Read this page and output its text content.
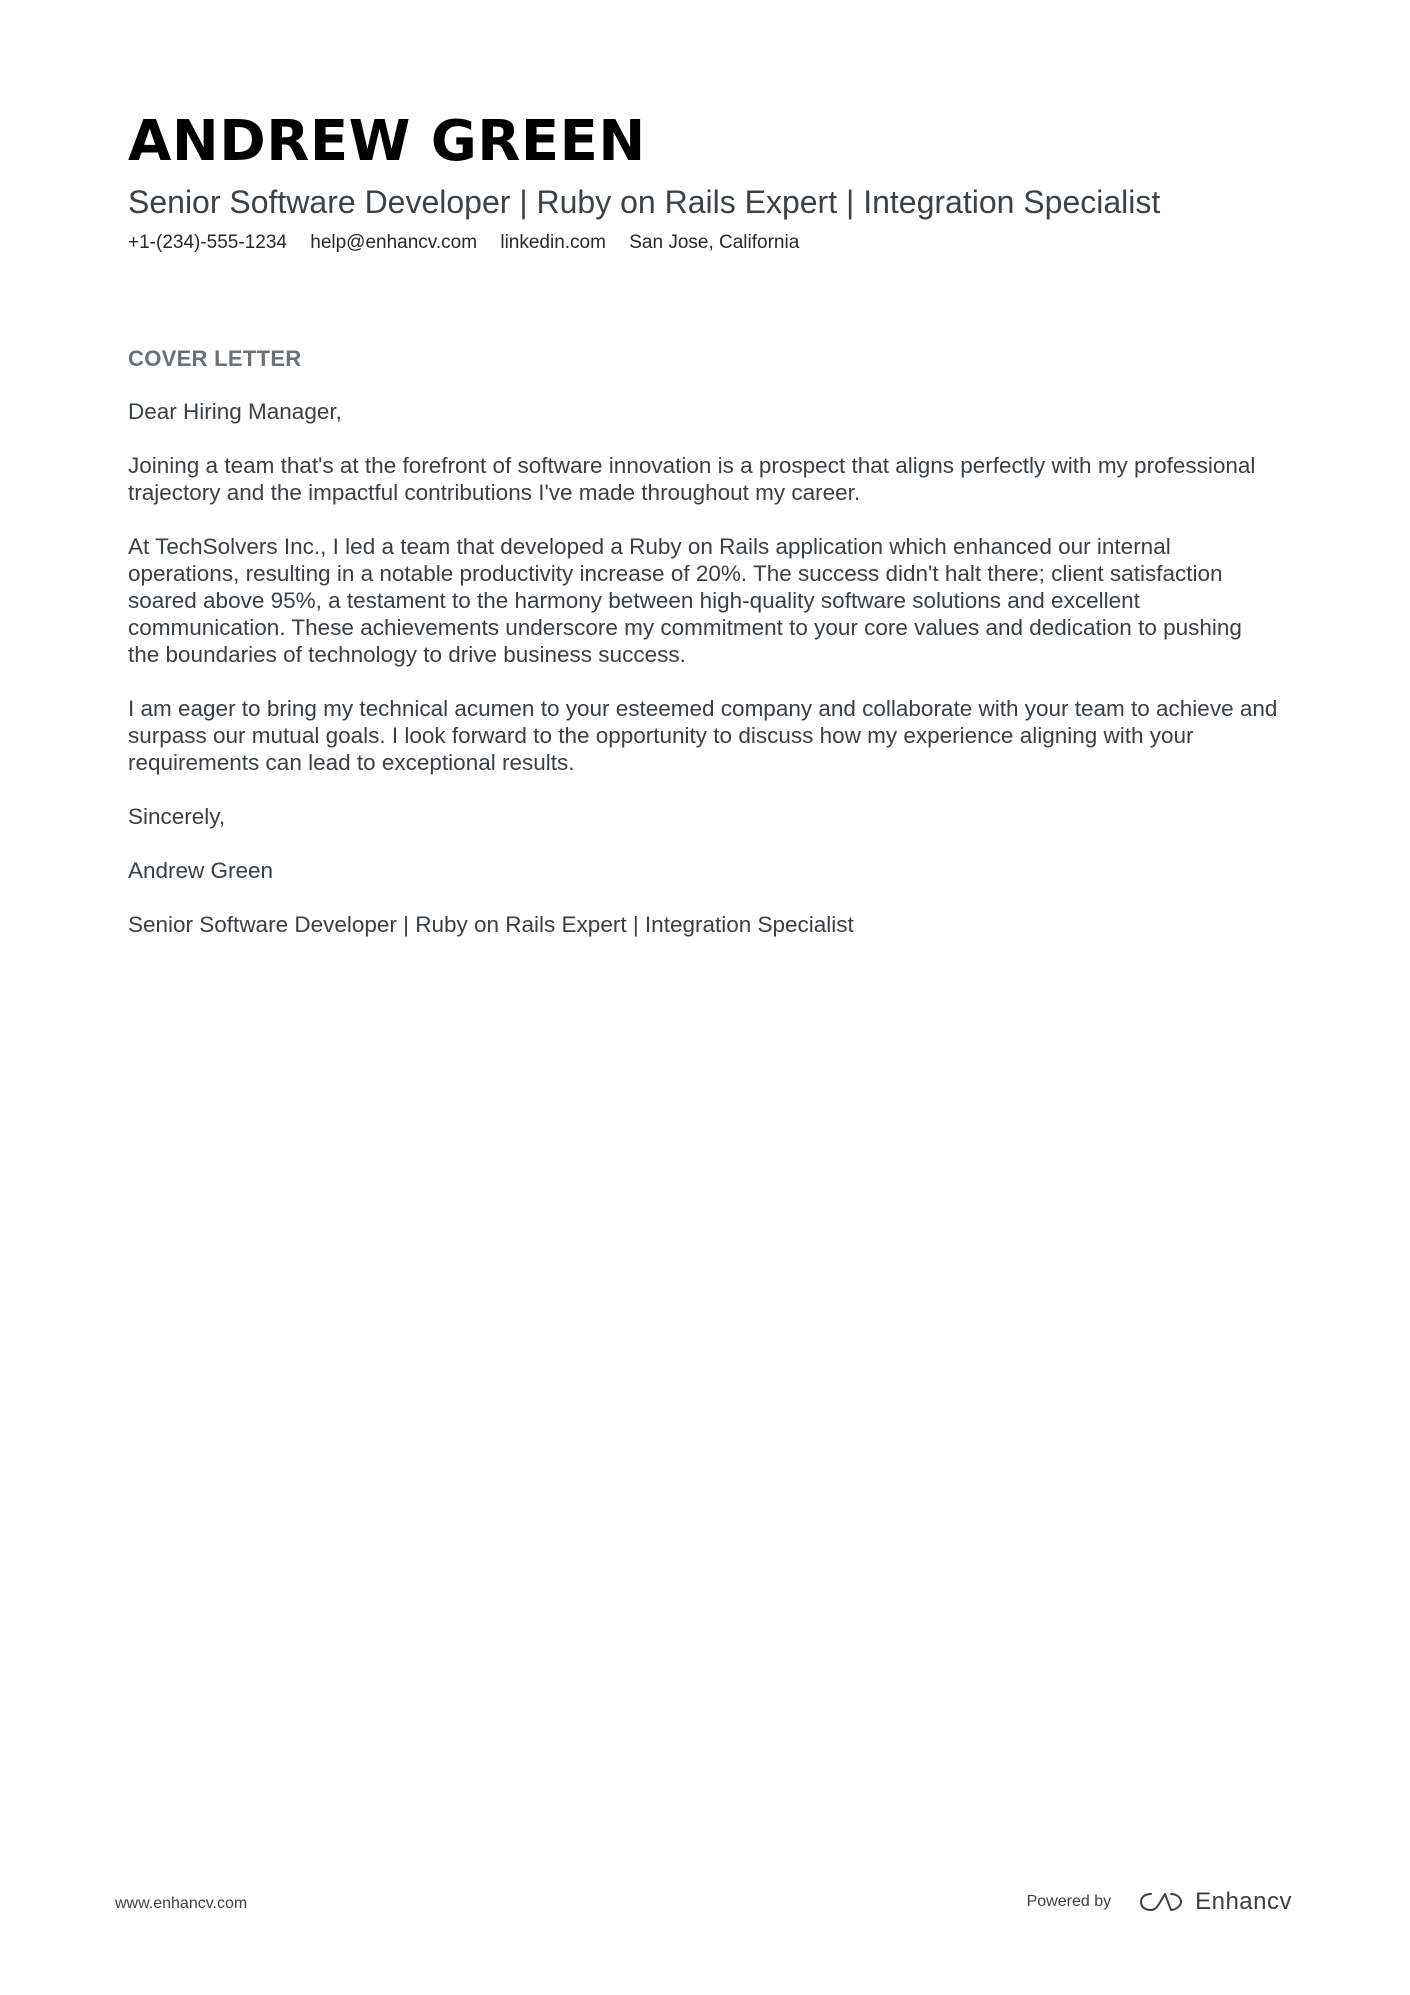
ANDREW GREEN
Senior Software Developer | Ruby on Rails Expert | Integration Specialist
+1-(234)-555-1234 help@enhancv.com linkedin.com San Jose, California
COVER LETTER

Dear Hiring Manager,

Joining a team that's at the forefront of software innovation is a prospect that aligns perfectly with my professional trajectory and the impactful contributions I've made throughout my career.

At TechSolvers Inc., I led a team that developed a Ruby on Rails application which enhanced our internal operations, resulting in a notable productivity increase of 20%. The success didn't halt there; client satisfaction soared above 95%, a testament to the harmony between high-quality software solutions and excellent communication. These achievements underscore my commitment to your core values and dedication to pushing the boundaries of technology to drive business success.

I am eager to bring my technical acumen to your esteemed company and collaborate with your team to achieve and surpass our mutual goals. I look forward to the opportunity to discuss how my experience aligning with your requirements can lead to exceptional results.

Sincerely,

Andrew Green

Senior Software Developer | Ruby on Rails Expert | Integration Specialist

www.enhancv.com	Powered by	Enhancv
